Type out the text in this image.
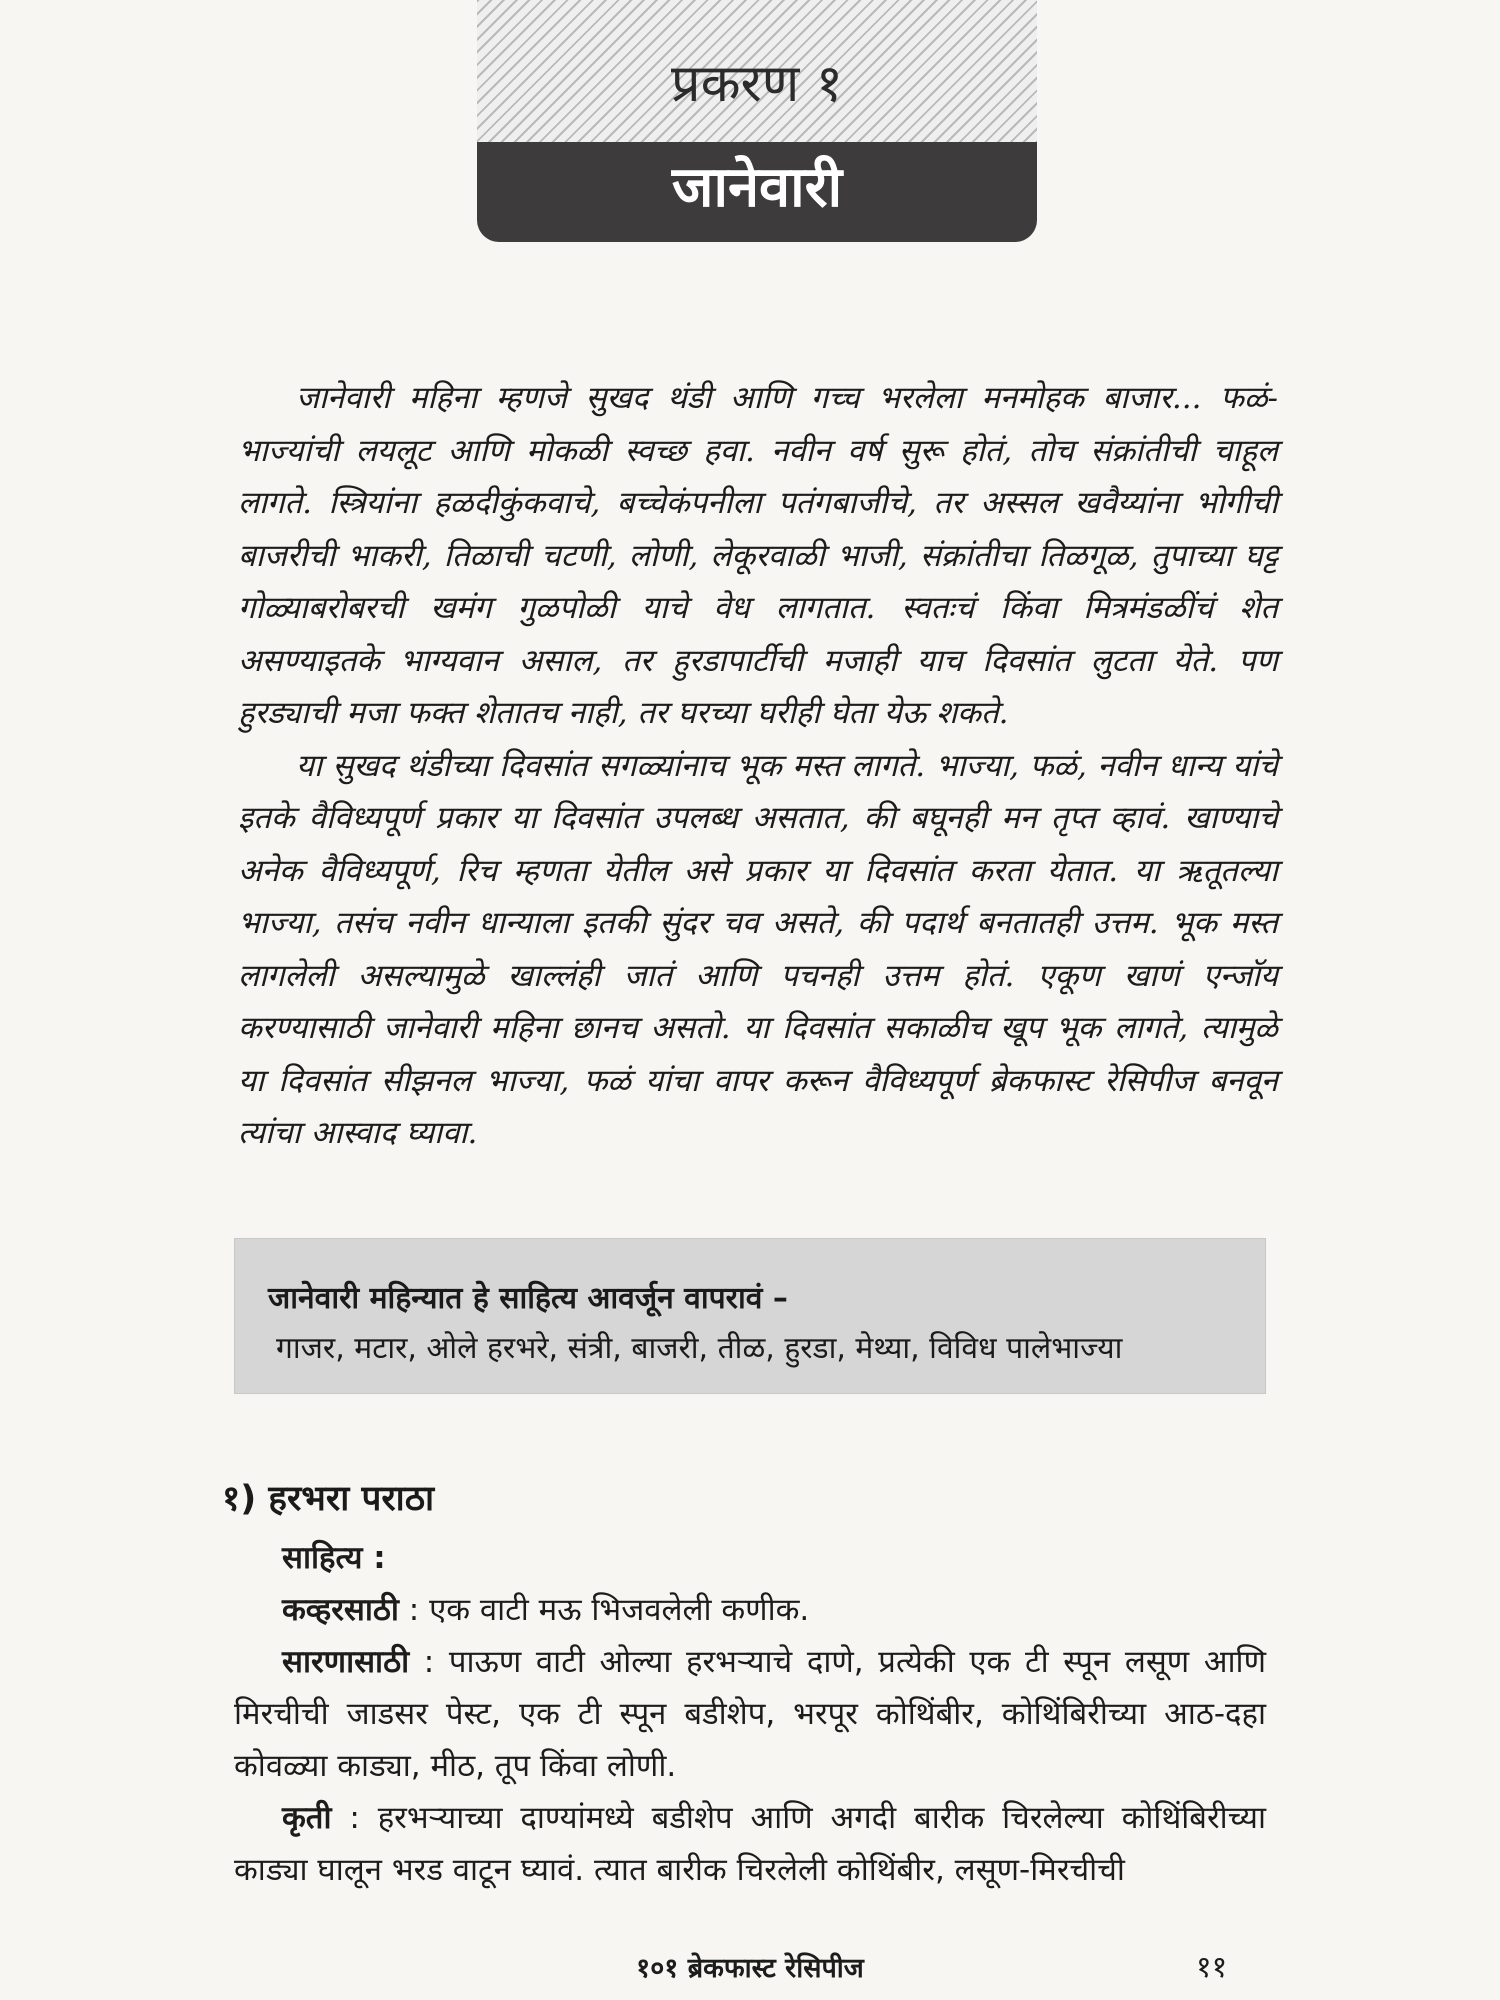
प्रकरण १
जानेवारी

जानेवारी महिना म्हणजे सुखद थंडी आणि गच्च भरलेला मनमोहक बाजार... फळं-भाज्यांची लयलूट आणि मोकळी स्वच्छ हवा. नवीन वर्ष सुरू होतं, तोच संक्रांतीची चाहूल लागते. स्त्रियांना हळदीकुंकवाचे, बच्चेकंपनीला पतंगबाजीचे, तर अस्सल खवैय्यांना भोगीची बाजरीची भाकरी, तिळाची चटणी, लोणी, लेकूरवाळी भाजी, संक्रांतीचा तिळगूळ, तुपाच्या घट्ट गोळ्याबरोबरची खमंग गुळपोळी याचे वेध लागतात. स्वतःचं किंवा मित्रमंडळींचं शेत असण्याइतके भाग्यवान असाल, तर हुरडापार्टीची मजाही याच दिवसांत लुटता येते. पण हुरड्याची मजा फक्त शेतातच नाही, तर घरच्या घरीही घेता येऊ शकते.

या सुखद थंडीच्या दिवसांत सगळ्यांनाच भूक मस्त लागते. भाज्या, फळं, नवीन धान्य यांचे इतके वैविध्यपूर्ण प्रकार या दिवसांत उपलब्ध असतात, की बघूनही मन तृप्त व्हावं. खाण्याचे अनेक वैविध्यपूर्ण, रिच म्हणता येतील असे प्रकार या दिवसांत करता येतात. या ऋतूतल्या भाज्या, तसंच नवीन धान्याला इतकी सुंदर चव असते, की पदार्थ बनतातही उत्तम. भूक मस्त लागलेली असल्यामुळे खाल्लंही जातं आणि पचनही उत्तम होतं. एकूण खाणं एन्जॉय करण्यासाठी जानेवारी महिना छानच असतो. या दिवसांत सकाळीच खूप भूक लागते, त्यामुळे या दिवसांत सीझनल भाज्या, फळं यांचा वापर करून वैविध्यपूर्ण ब्रेकफास्ट रेसिपीज बनवून त्यांचा आस्वाद घ्यावा.

जानेवारी महिन्यात हे साहित्य आवर्जून वापरावं –
गाजर, मटार, ओले हरभरे, संत्री, बाजरी, तीळ, हुरडा, मेथ्या, विविध पालेभाज्या
१) हरभरा पराठा

साहित्य :

कव्हरसाठी : एक वाटी मऊ भिजवलेली कणीक.

सारणासाठी : पाऊण वाटी ओल्या हरभऱ्याचे दाणे, प्रत्येकी एक टी स्पून लसूण आणि मिरचीची जाडसर पेस्ट, एक टी स्पून बडीशेप, भरपूर कोथिंबीर, कोथिंबिरीच्या आठ-दहा कोवळ्या काड्या, मीठ, तूप किंवा लोणी.

कृती : हरभऱ्याच्या दाण्यांमध्ये बडीशेप आणि अगदी बारीक चिरलेल्या कोथिंबिरीच्या काड्या घालून भरड वाटून घ्यावं. त्यात बारीक चिरलेली कोथिंबीर, लसूण-मिरचीची

१०१ ब्रेकफास्ट रेसिपीज	११
